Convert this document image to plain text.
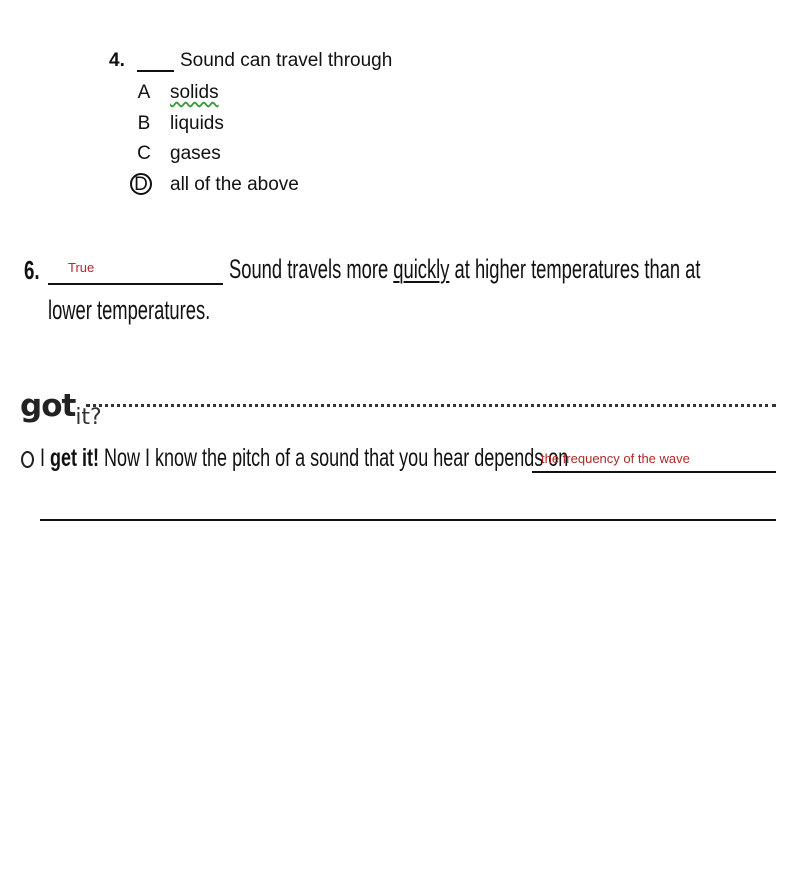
4.	Sound can travel through
A solids
B liquids
C gases
D all of the above
6. True	Sound travels more quickly at higher temperatures than at
lower temperatures.
gotit?
I get it! Now I know the pitch of a sound that you hear depends on
the frequency of the wave
